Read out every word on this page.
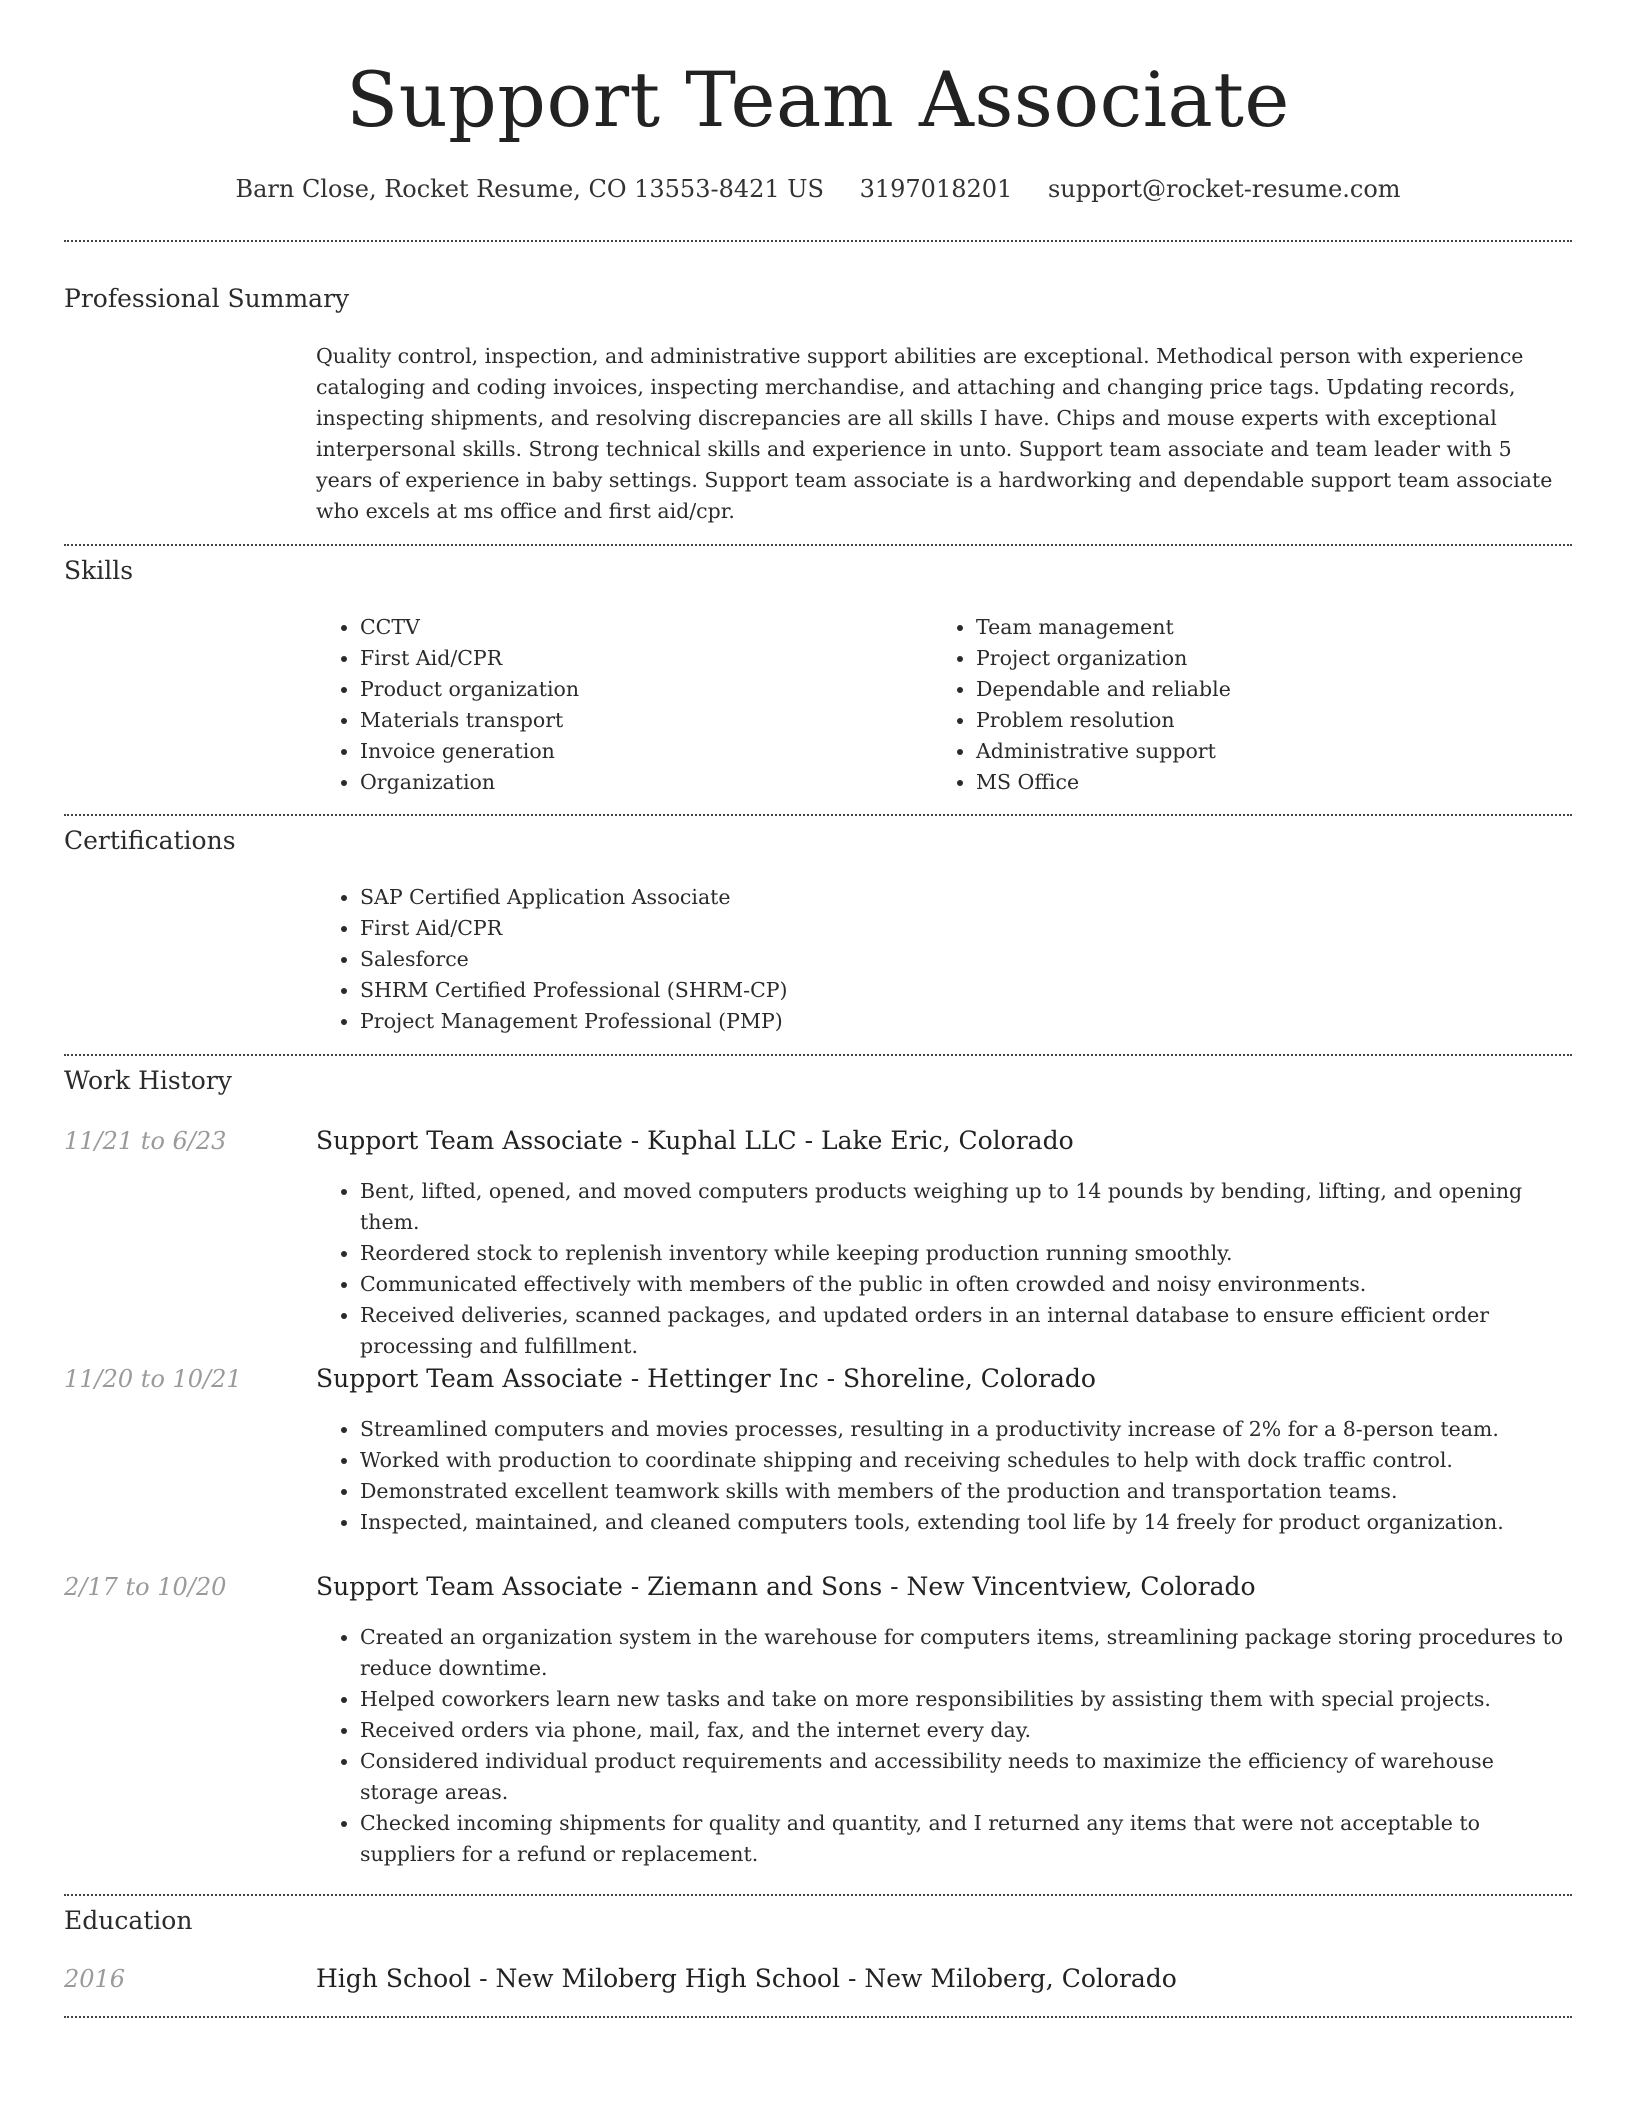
Support Team Associate
Barn Close, Rocket Resume, CO 13553-8421 US 3197018201 support@rocket-resume.com
Professional Summary

Quality control, inspection, and administrative support abilities are exceptional. Methodical person with experience cataloging and coding invoices, inspecting merchandise, and attaching and changing price tags. Updating records, inspecting shipments, and resolving discrepancies are all skills I have. Chips and mouse experts with exceptional interpersonal skills. Strong technical skills and experience in unto. Support team associate and team leader with 5 years of experience in baby settings. Support team associate is a hardworking and dependable support team associate who excels at ms office and first aid/cpr.

Skills
• CCTV
• First Aid/CPR
• Product organization
• Materials transport
• Invoice generation
• Organization
• Team management
• Project organization
• Dependable and reliable
• Problem resolution
• Administrative support
• MS Office
Certifications
• SAP Certified Application Associate
• First Aid/CPR
• Salesforce
• SHRM Certified Professional (SHRM-CP)
• Project Management Professional (PMP)
Work History
11/21 to 6/23	Support Team Associate - Kuphal LLC - Lake Eric, Colorado
• Bent, lifted, opened, and moved computers products weighing up to 14 pounds by bending, lifting, and opening them.
• Reordered stock to replenish inventory while keeping production running smoothly.
• Communicated effectively with members of the public in often crowded and noisy environments.
• Received deliveries, scanned packages, and updated orders in an internal database to ensure efficient order processing and fulfillment.
11/20 to 10/21	Support Team Associate - Hettinger Inc - Shoreline, Colorado
• Streamlined computers and movies processes, resulting in a productivity increase of 2% for a 8-person team.
• Worked with production to coordinate shipping and receiving schedules to help with dock traffic control.
• Demonstrated excellent teamwork skills with members of the production and transportation teams.
• Inspected, maintained, and cleaned computers tools, extending tool life by 14 freely for product organization.
2/17 to 10/20	Support Team Associate - Ziemann and Sons - New Vincentview, Colorado
• Created an organization system in the warehouse for computers items, streamlining package storing procedures to reduce downtime.
• Helped coworkers learn new tasks and take on more responsibilities by assisting them with special projects.
• Received orders via phone, mail, fax, and the internet every day.
• Considered individual product requirements and accessibility needs to maximize the efficiency of warehouse storage areas.
• Checked incoming shipments for quality and quantity, and I returned any items that were not acceptable to suppliers for a refund or replacement.
Education
2016	High School - New Miloberg High School - New Miloberg, Colorado
